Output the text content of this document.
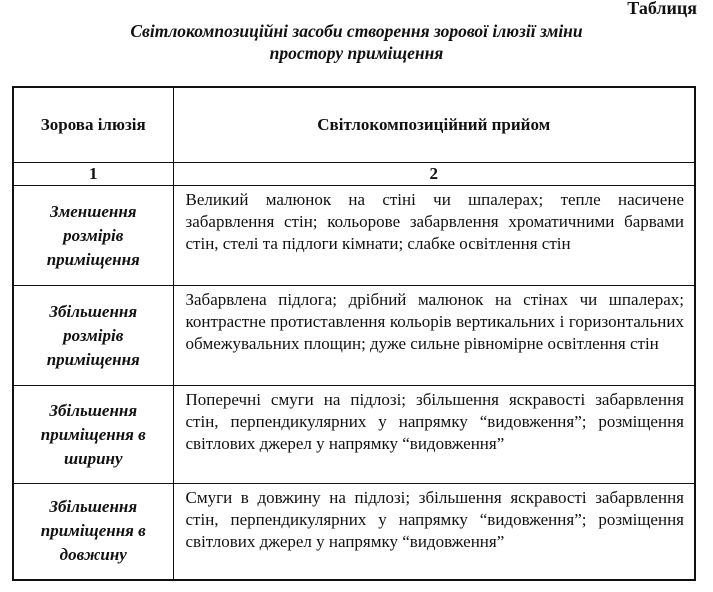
Таблиця
Світлокомпозиційні засоби створення зорової ілюзії зміни
простору приміщення
Зорова ілюзія	Світлокомпозиційний прийом
1	2
Зменшення розмірів приміщення	Великий малюнок на стіні чи шпалерах; тепле насичене забарвлення стін; кольорове забарвлення хроматичними барвами стін, стелі та підлоги кімнати; слабке освітлення стін
Збільшення розмірів приміщення	Забарвлена підлога; дрібний малюнок на стінах чи шпалерах; контрастне протиставлення кольорів вертикальних і горизонтальних обмежувальних площин; дуже сильне рівномірне освітлення стін
Збільшення приміщення в ширину	Поперечні смуги на підлозі; збільшення яскравості забарвлення стін, перпендикулярних у напрямку “видовження”; розміщення світлових джерел у напрямку “видовження”
Збільшення приміщення в довжину	Смуги в довжину на підлозі; збільшення яскравості забарвлення стін, перпендикулярних у напрямку “видовження”; розміщення світлових джерел у напрямку “видовження”
